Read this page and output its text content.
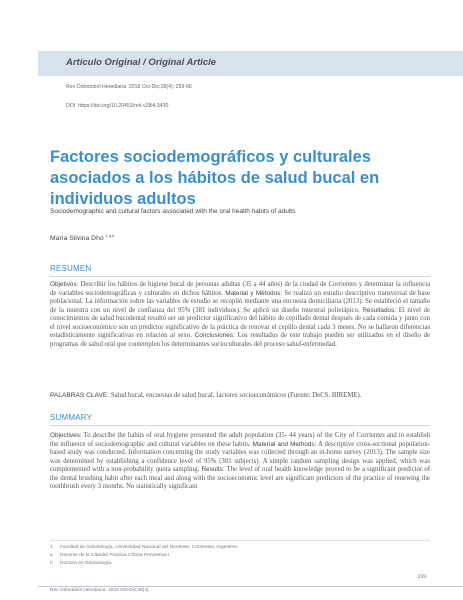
Artículo Original / Original Article
Rev Odontoból Herediana. 2018 Oct-Dic;28(4): 259-66
DOI: https://doi.org/10.20453/reh.v28i4.3430
Factores sociodemográficos y culturales asociados a los hábitos de salud bucal en individuos adultos

Sociodemographic and cultural factors associated with the oral health habits of adults

María Silvina Dho $^{1,a,b}$
RESUMEN

Objetivos: Describir los hábitos de higiene bucal de personas adultas (35 a 44 años) de la ciudad de Corrientes y determinar la influencia de variables sociodemográficas y culturales en dichos hábitos. Material y Métodos: Se realizó un estudio descriptivo transversal de base poblacional. La información sobre las variables de estudio se recopiló mediante una encuesta domiciliaria (2013). Se estableció el tamaño de la muestra con un nivel de confianza del 95% (381 individuos). Se aplicó un diseño muestral polietápico. Resultados: El nivel de conocimientos de salud bucodental resultó ser un predictor significativo del hábito de cepillado dental después de cada comida y junto con el nivel socioeconómico son un predictor significativo de la práctica de renovar el cepillo dental cada 3 meses. No se hallaron diferencias estadísticamente significativas en relación al sexo. Conclusiones: Los resultados de este trabajo pueden ser utilizados en el diseño de programas de salud oral que contemplen los determinantes socioculturales del proceso salud-enfermedad.

PALABRAS CLAVE: Salud bucal, encuestas de salud bucal, factores socioeconómicos (Fuente: DeCS, BIREME).

SUMMARY

Objectives: To describe the habits of oral hygiene presented the adult population (35- 44 years) of the City of Corrientes and to establish the influence of sociodemographic and cultural variables on these habits. Material and Methods: A descriptive cross-sectional population-based study was conducted. Information concerning the study variables was collected through an in-home survey (2013). The sample size was determined by establishing a confidence level of 95% (381 subjects). A simple random sampling design was applied, which was complemented with a non-probability quota sampling. Results: The level of oral health knowledge proved to be a significant predictor of the dental brushing habit after each meal and along with the socioeconomic level are significant predictors of the practice of renewing the toothbrush every 3 months. No statistically significant

1 Facultad de Odontología, Universidad Nacional del Nordeste. Corrientes, Argentina.
a Docente de la Cátedra Práctica Clínica Preventiva I.
b Doctora en Odontología.
259
Rev Odontoból Herediana. 2018 Oct-Dic;28(4).
